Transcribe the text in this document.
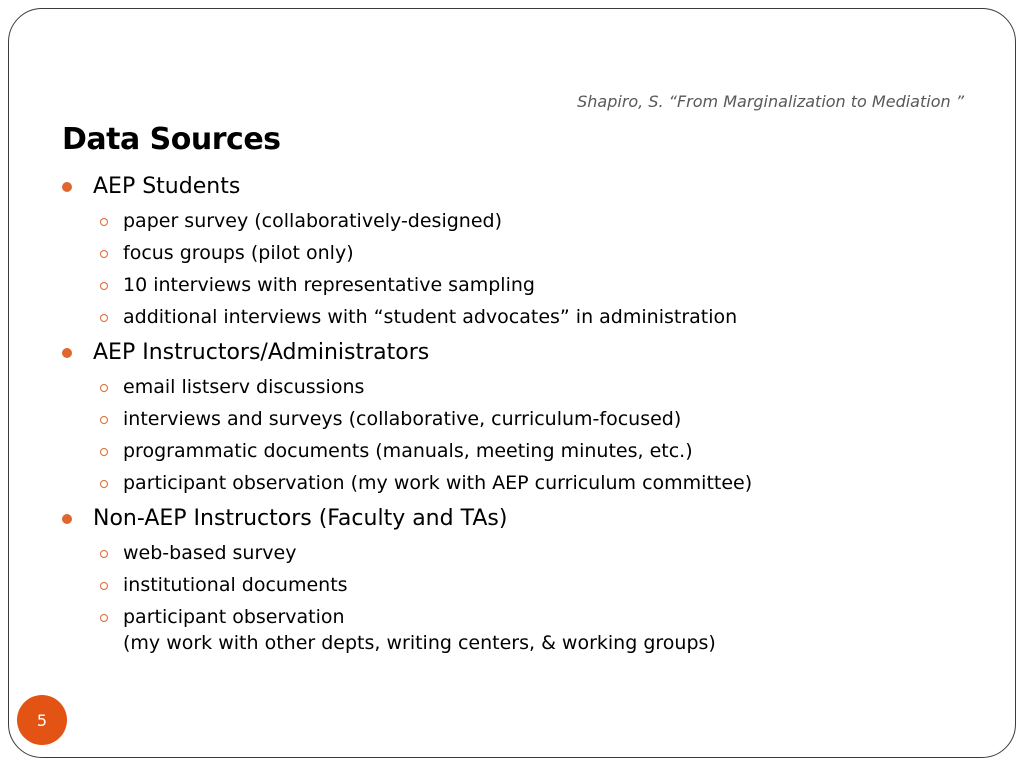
Shapiro, S. “From Marginalization to Mediation ”
Data Sources
AEP Students
paper survey (collaboratively-designed)
focus groups (pilot only)
10 interviews with representative sampling
additional interviews with “student advocates” in administration
AEP Instructors/Administrators
email listserv discussions
interviews and surveys (collaborative, curriculum-focused)
programmatic documents (manuals, meeting minutes, etc.)
participant observation (my work with AEP curriculum committee)
Non-AEP Instructors (Faculty and TAs)
web-based survey
institutional documents
participant observation
(my work with other depts, writing centers, & working groups)
5
